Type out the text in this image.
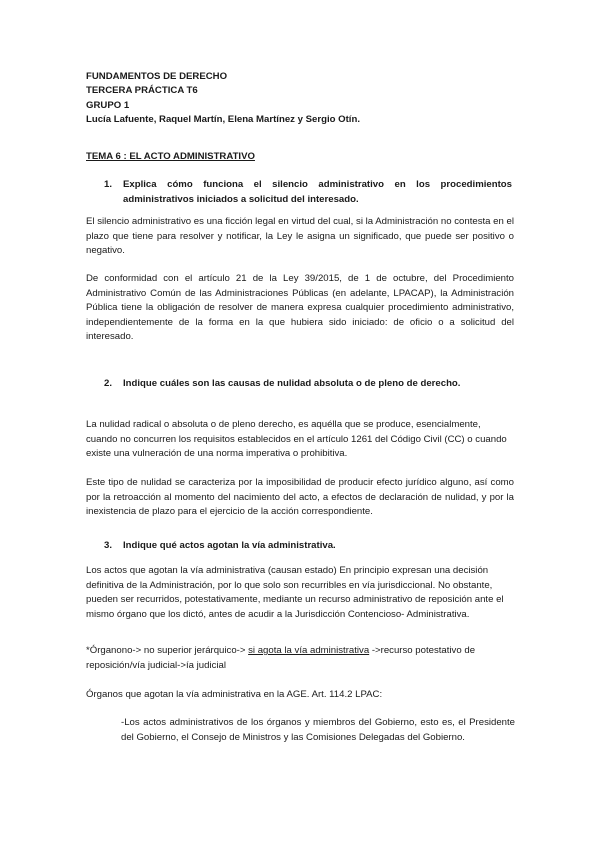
FUNDAMENTOS DE DERECHO
TERCERA PRÁCTICA T6
GRUPO 1
Lucía Lafuente, Raquel Martín, Elena Martínez y Sergio Otín.
TEMA 6 : EL ACTO ADMINISTRATIVO
1.	Explica cómo funciona el silencio administrativo en los procedimientos administrativos iniciados a solicitud del interesado.
El silencio administrativo es una ficción legal en virtud del cual, si la Administración no contesta en el plazo que tiene para resolver y notificar, la Ley le asigna un significado, que puede ser positivo o negativo.
De conformidad con el artículo 21 de la Ley 39/2015, de 1 de octubre, del Procedimiento Administrativo Común de las Administraciones Públicas (en adelante, LPACAP), la Administración Pública tiene la obligación de resolver de manera expresa cualquier procedimiento administrativo, independientemente de la forma en la que hubiera sido iniciado: de oficio o a solicitud del interesado.
2.	Indique cuáles son las causas de nulidad absoluta o de pleno de derecho.
La nulidad radical o absoluta o de pleno derecho, es aquélla que se produce, esencialmente, cuando no concurren los requisitos establecidos en el artículo 1261 del Código Civil (CC) o cuando existe una vulneración de una norma imperativa o prohibitiva.
Este tipo de nulidad se caracteriza por la imposibilidad de producir efecto jurídico alguno, así como por la retroacción al momento del nacimiento del acto, a efectos de declaración de nulidad, y por la inexistencia de plazo para el ejercicio de la acción correspondiente.
3.	Indique qué actos agotan la vía administrativa.
Los actos que agotan la vía administrativa (causan estado) En principio expresan una decisión definitiva de la Administración, por lo que solo son recurribles en vía jurisdiccional. No obstante, pueden ser recurridos, potestativamente, mediante un recurso administrativo de reposición ante el mismo órgano que los dictó, antes de acudir a la Jurisdicción Contencioso- Administrativa.
*Órganono-> no superior jerárquico-> si agota la vía administrativa ->recurso potestativo de reposición/vía judicial->ía judicial
Órganos que agotan la vía administrativa en la AGE. Art. 114.2 LPAC:
-Los actos administrativos de los órganos y miembros del Gobierno, esto es, el Presidente del Gobierno, el Consejo de Ministros y las Comisiones Delegadas del Gobierno.
